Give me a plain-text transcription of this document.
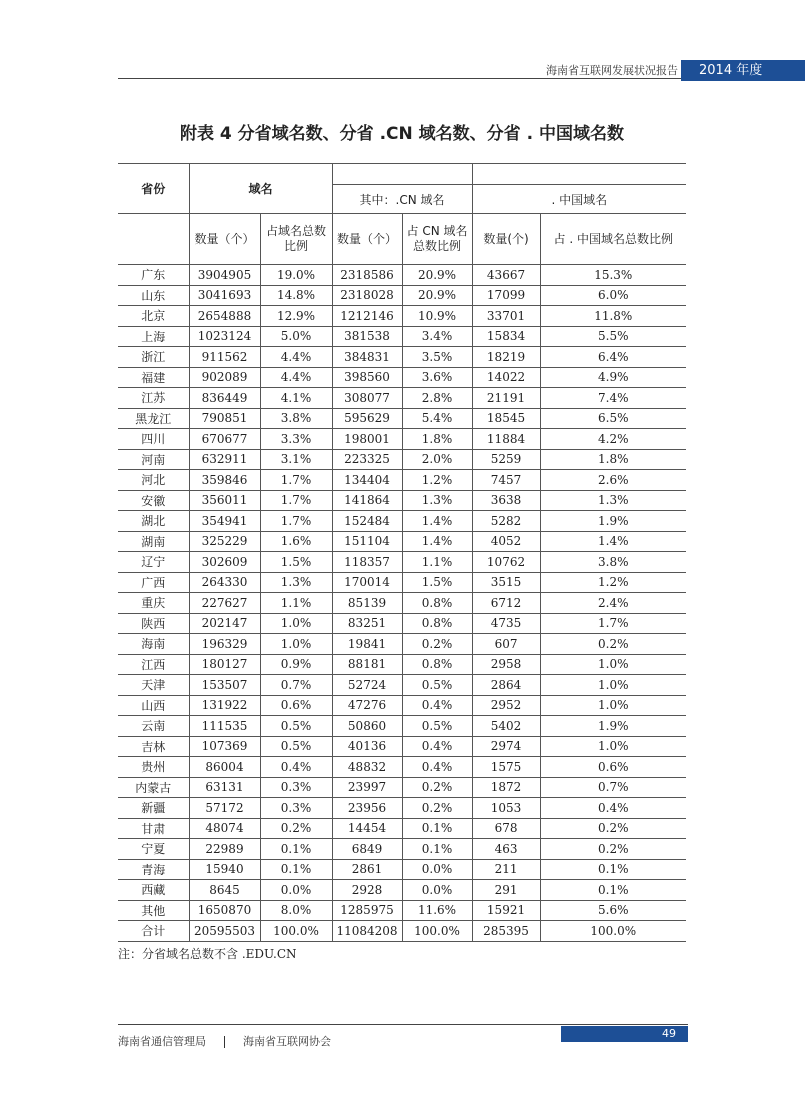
海南省互联网发展状况报告	2014 年度
附表 4 分省域名数、分省 .CN 域名数、分省 . 中国域名数
省份	域名					
			其中：.CN 域名		. 中国域名	
	数量（个）	占域名总数比例	数量（个）	占 CN 域名总数比例	数量(个)	占 . 中国域名总数比例
广东	3904905	19.0%	2318586	20.9%	43667	15.3%
山东	3041693	14.8%	2318028	20.9%	17099	6.0%
北京	2654888	12.9%	1212146	10.9%	33701	11.8%
上海	1023124	5.0%	381538	3.4%	15834	5.5%
浙江	911562	4.4%	384831	3.5%	18219	6.4%
福建	902089	4.4%	398560	3.6%	14022	4.9%
江苏	836449	4.1%	308077	2.8%	21191	7.4%
黑龙江	790851	3.8%	595629	5.4%	18545	6.5%
四川	670677	3.3%	198001	1.8%	11884	4.2%
河南	632911	3.1%	223325	2.0%	5259	1.8%
河北	359846	1.7%	134404	1.2%	7457	2.6%
安徽	356011	1.7%	141864	1.3%	3638	1.3%
湖北	354941	1.7%	152484	1.4%	5282	1.9%
湖南	325229	1.6%	151104	1.4%	4052	1.4%
辽宁	302609	1.5%	118357	1.1%	10762	3.8%
广西	264330	1.3%	170014	1.5%	3515	1.2%
重庆	227627	1.1%	85139	0.8%	6712	2.4%
陕西	202147	1.0%	83251	0.8%	4735	1.7%
海南	196329	1.0%	19841	0.2%	607	0.2%
江西	180127	0.9%	88181	0.8%	2958	1.0%
天津	153507	0.7%	52724	0.5%	2864	1.0%
山西	131922	0.6%	47276	0.4%	2952	1.0%
云南	111535	0.5%	50860	0.5%	5402	1.9%
吉林	107369	0.5%	40136	0.4%	2974	1.0%
贵州	86004	0.4%	48832	0.4%	1575	0.6%
内蒙古	63131	0.3%	23997	0.2%	1872	0.7%
新疆	57172	0.3%	23956	0.2%	1053	0.4%
甘肃	48074	0.2%	14454	0.1%	678	0.2%
宁夏	22989	0.1%	6849	0.1%	463	0.2%
青海	15940	0.1%	2861	0.0%	211	0.1%
西藏	8645	0.0%	2928	0.0%	291	0.1%
其他	1650870	8.0%	1285975	11.6%	15921	5.6%
合计	20595503	100.0%	11084208	100.0%	285395	100.0%
注：分省域名总数不含 .EDU.CN
49
海南省通信管理局	海南省互联网协会
